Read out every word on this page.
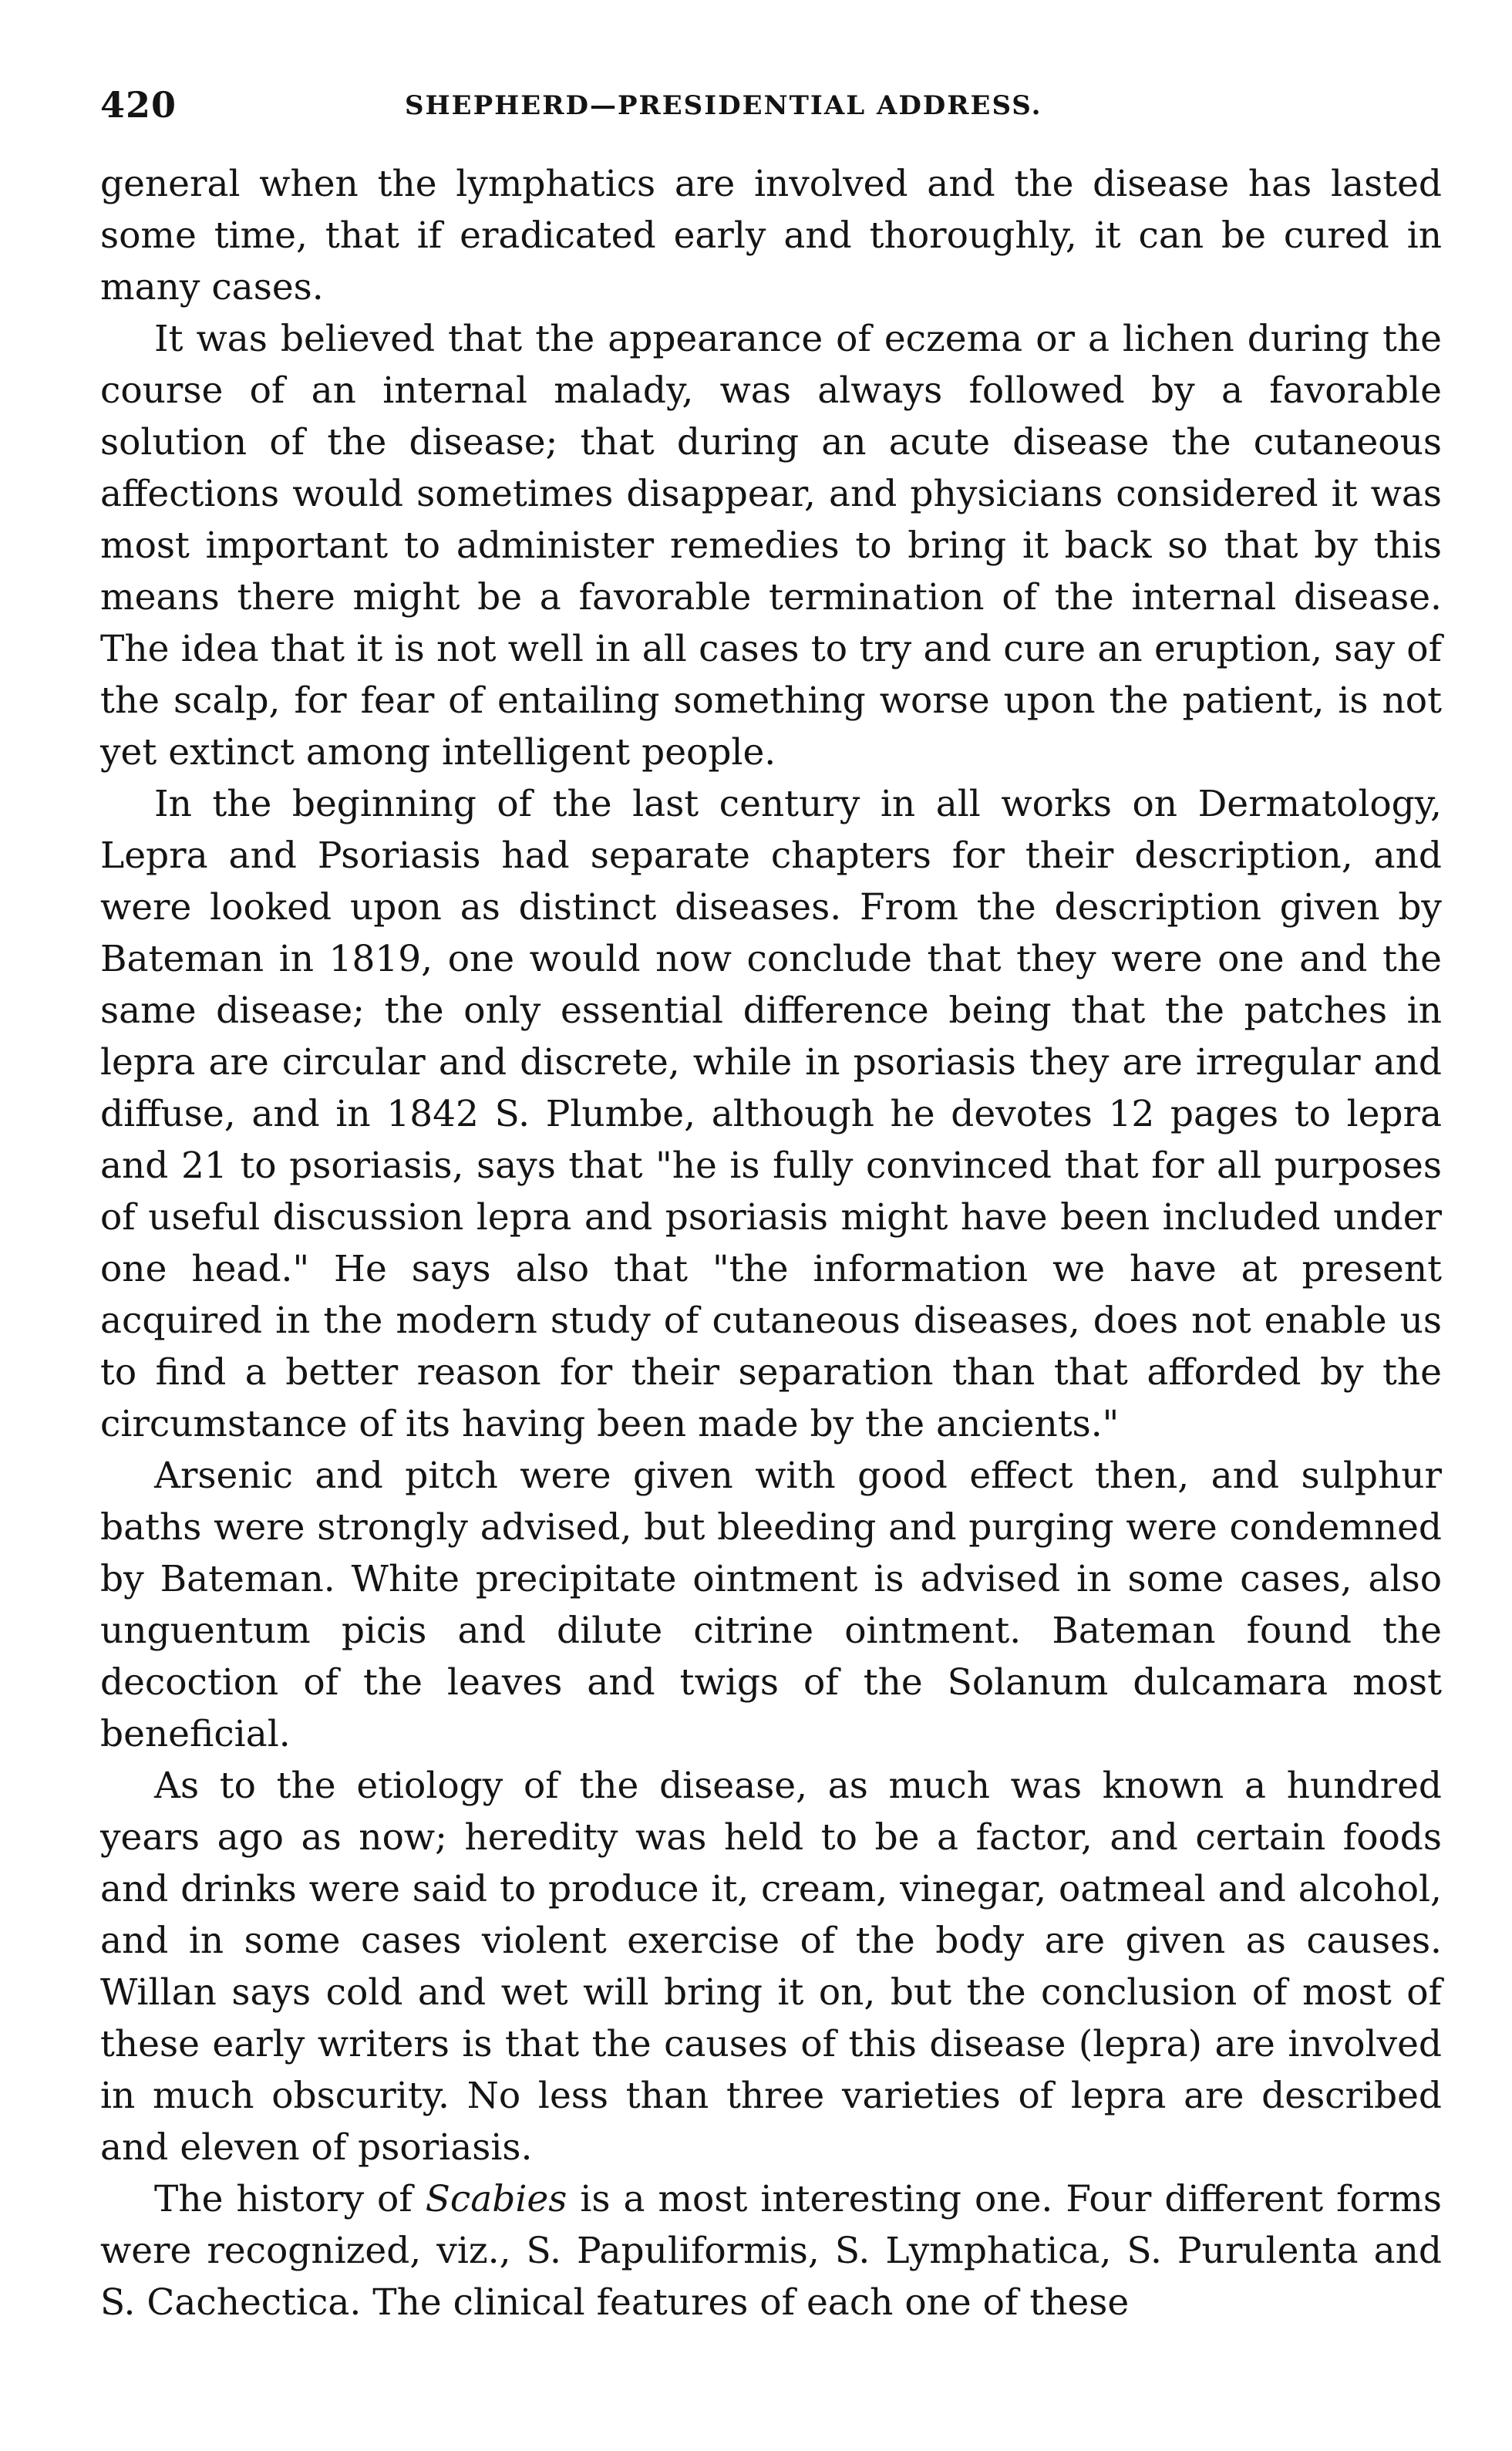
420	SHEPHERD—PRESIDENTIAL ADDRESS.

general when the lymphatics are involved and the disease has lasted some time, that if eradicated early and thoroughly, it can be cured in many cases.

It was believed that the appearance of eczema or a lichen during the course of an internal malady, was always followed by a favorable solution of the disease; that during an acute disease the cutaneous affections would sometimes disappear, and physicians considered it was most important to administer remedies to bring it back so that by this means there might be a favorable termination of the internal disease. The idea that it is not well in all cases to try and cure an eruption, say of the scalp, for fear of entailing something worse upon the patient, is not yet extinct among intelligent people.

In the beginning of the last century in all works on Dermatology, Lepra and Psoriasis had separate chapters for their description, and were looked upon as distinct diseases. From the description given by Bateman in 1819, one would now conclude that they were one and the same disease; the only essential difference being that the patches in lepra are circular and discrete, while in psoriasis they are irregular and diffuse, and in 1842 S. Plumbe, although he devotes 12 pages to lepra and 21 to psoriasis, says that "he is fully convinced that for all purposes of useful discussion lepra and psoriasis might have been included under one head." He says also that "the information we have at present acquired in the modern study of cutaneous diseases, does not enable us to find a better reason for their separation than that afforded by the circumstance of its having been made by the ancients."

Arsenic and pitch were given with good effect then, and sulphur baths were strongly advised, but bleeding and purging were condemned by Bateman. White precipitate ointment is advised in some cases, also unguentum picis and dilute citrine ointment. Bateman found the decoction of the leaves and twigs of the Solanum dulcamara most beneficial.

As to the etiology of the disease, as much was known a hundred years ago as now; heredity was held to be a factor, and certain foods and drinks were said to produce it, cream, vinegar, oatmeal and alcohol, and in some cases violent exercise of the body are given as causes. Willan says cold and wet will bring it on, but the conclusion of most of these early writers is that the causes of this disease (lepra) are involved in much obscurity. No less than three varieties of lepra are described and eleven of psoriasis.

The history of Scabies is a most interesting one. Four different forms were recognized, viz., S. Papuliformis, S. Lymphatica, S. Purulenta and S. Cachectica. The clinical features of each one of these
